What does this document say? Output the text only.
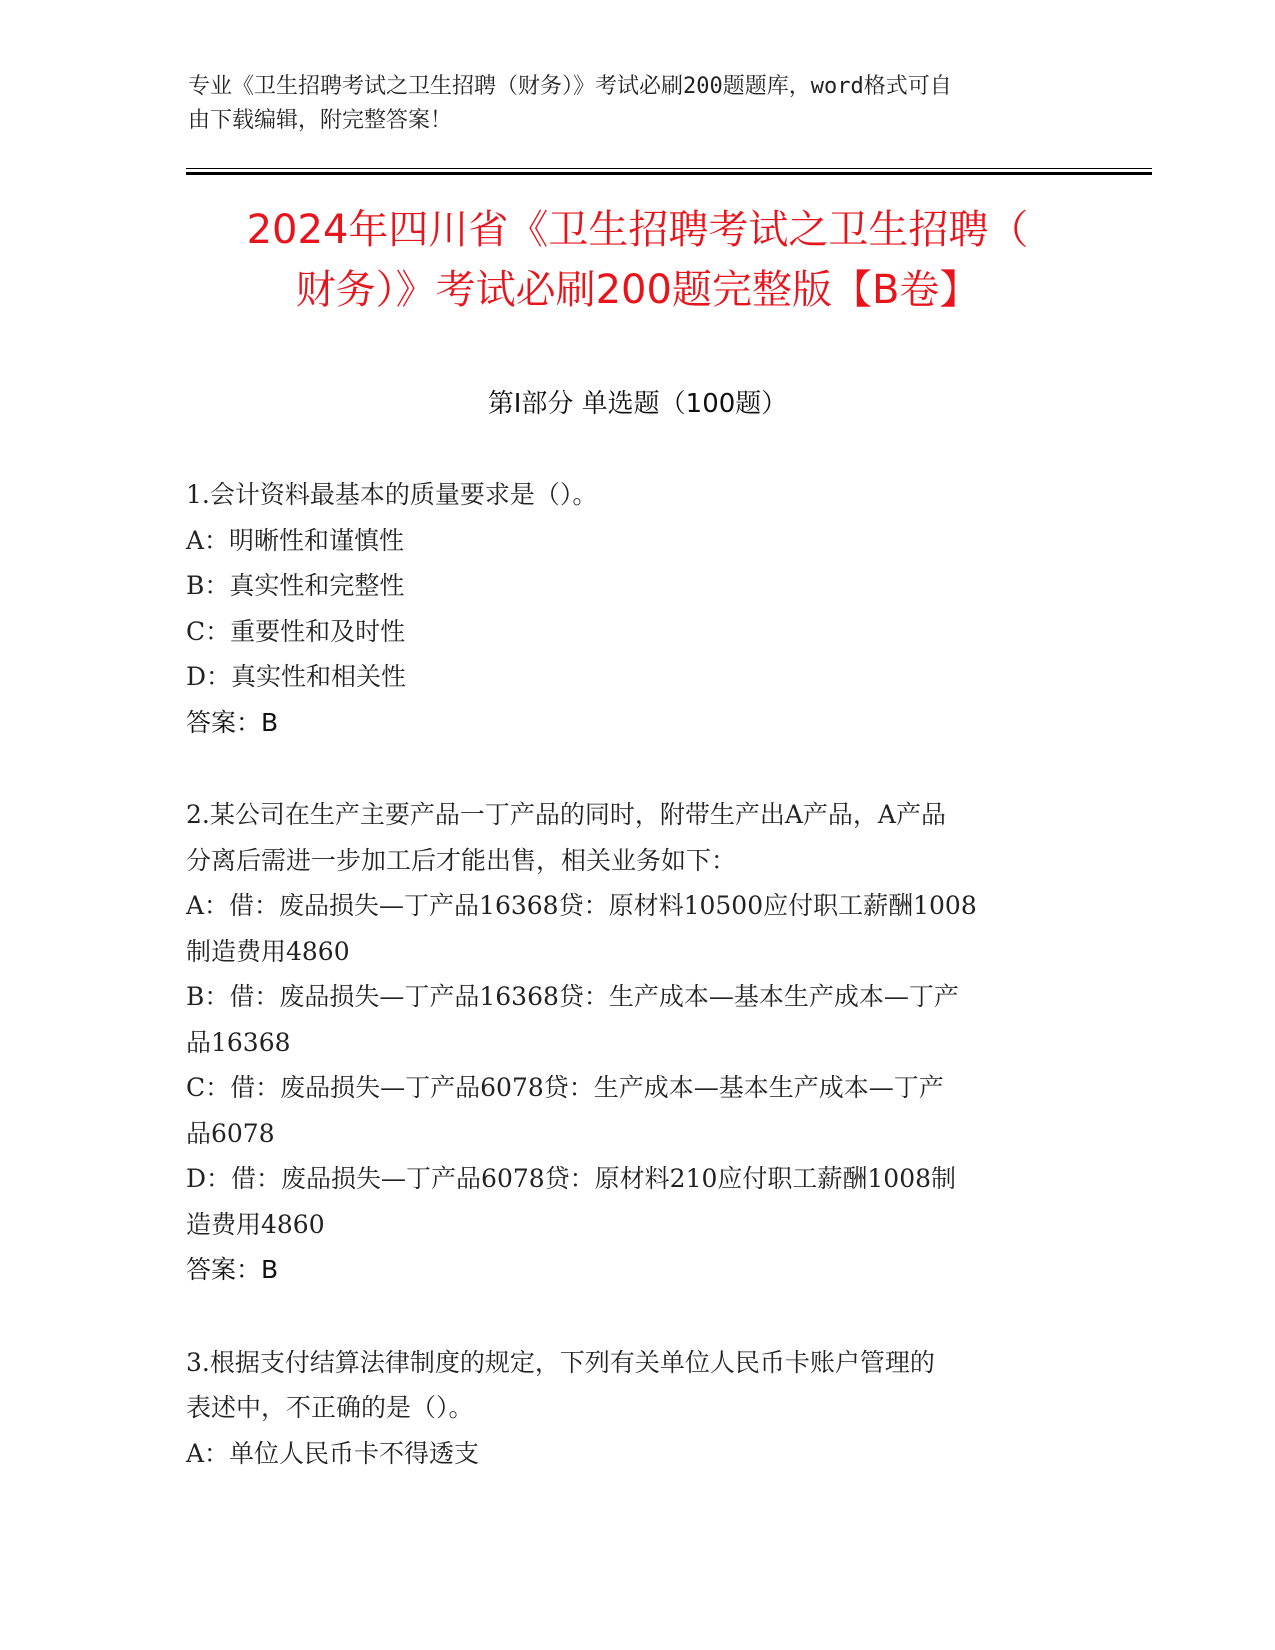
专业《卫生招聘考试之卫生招聘（财务）》考试必刷200题题库，word格式可自
由下载编辑，附完整答案！
2024年四川省《卫生招聘考试之卫生招聘（
财务）》考试必刷200题完整版【B卷】
第I部分 单选题（100题）
1.会计资料最基本的质量要求是（）。
A：明晰性和谨慎性
B：真实性和完整性
C：重要性和及时性
D：真实性和相关性
答案：B
2.某公司在生产主要产品一丁产品的同时，附带生产出A产品，A产品
分离后需进一步加工后才能出售，相关业务如下：
A：借：废品损失—丁产品16368贷：原材料10500应付职工薪酬1008
制造费用4860
B：借：废品损失—丁产品16368贷：生产成本—基本生产成本—丁产
品16368
C：借：废品损失—丁产品6078贷：生产成本—基本生产成本—丁产
品6078
D：借：废品损失—丁产品6078贷：原材料210应付职工薪酬1008制
造费用4860
答案：B
3.根据支付结算法律制度的规定，下列有关单位人民币卡账户管理的
表述中，不正确的是（）。
A：单位人民币卡不得透支
